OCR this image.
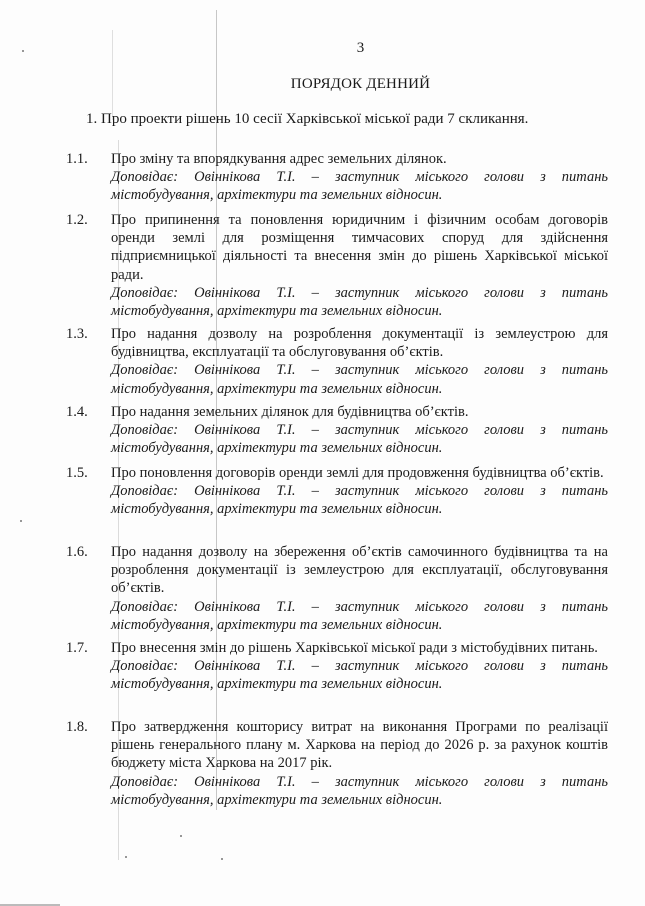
3
ПОРЯДОК ДЕННИЙ
1. Про проекти рішень 10 сесії Харківської міської ради 7 скликання.
1.1.	Про зміну та впорядкування адрес земельних ділянок.
Доповідає: Овіннікова Т.І. – заступник міського голови з питань містобудування, архітектури та земельних відносин.
1.2.	Про припинення та поновлення юридичним і фізичним особам договорів оренди землі для розміщення тимчасових споруд для здійснення підприємницької діяльності та внесення змін до рішень Харківської міської ради.
Доповідає: Овіннікова Т.І. – заступник міського голови з питань містобудування, архітектури та земельних відносин.
1.3.	Про надання дозволу на розроблення документації із землеустрою для будівництва, експлуатації та обслуговування об’єктів.
Доповідає: Овіннікова Т.І. – заступник міського голови з питань містобудування, архітектури та земельних відносин.
1.4.	Про надання земельних ділянок для будівництва об’єктів.
Доповідає: Овіннікова Т.І. – заступник міського голови з питань містобудування, архітектури та земельних відносин.
1.5.	Про поновлення договорів оренди землі для продовження будівництва об’єктів.
Доповідає: Овіннікова Т.І. – заступник міського голови з питань містобудування, архітектури та земельних відносин.
1.6.	Про надання дозволу на збереження об’єктів самочинного будівництва та на розроблення документації із землеустрою для експлуатації, обслуговування об’єктів.
Доповідає: Овіннікова Т.І. – заступник міського голови з питань містобудування, архітектури та земельних відносин.
1.7.	Про внесення змін до рішень Харківської міської ради з містобудівних питань.
Доповідає: Овіннікова Т.І. – заступник міського голови з питань містобудування, архітектури та земельних відносин.
1.8.	Про затвердження кошторису витрат на виконання Програми по реалізації рішень генерального плану м. Харкова на період до 2026 р. за рахунок коштів бюджету міста Харкова на 2017 рік.
Доповідає: Овіннікова Т.І. – заступник міського голови з питань містобудування, архітектури та земельних відносин.
